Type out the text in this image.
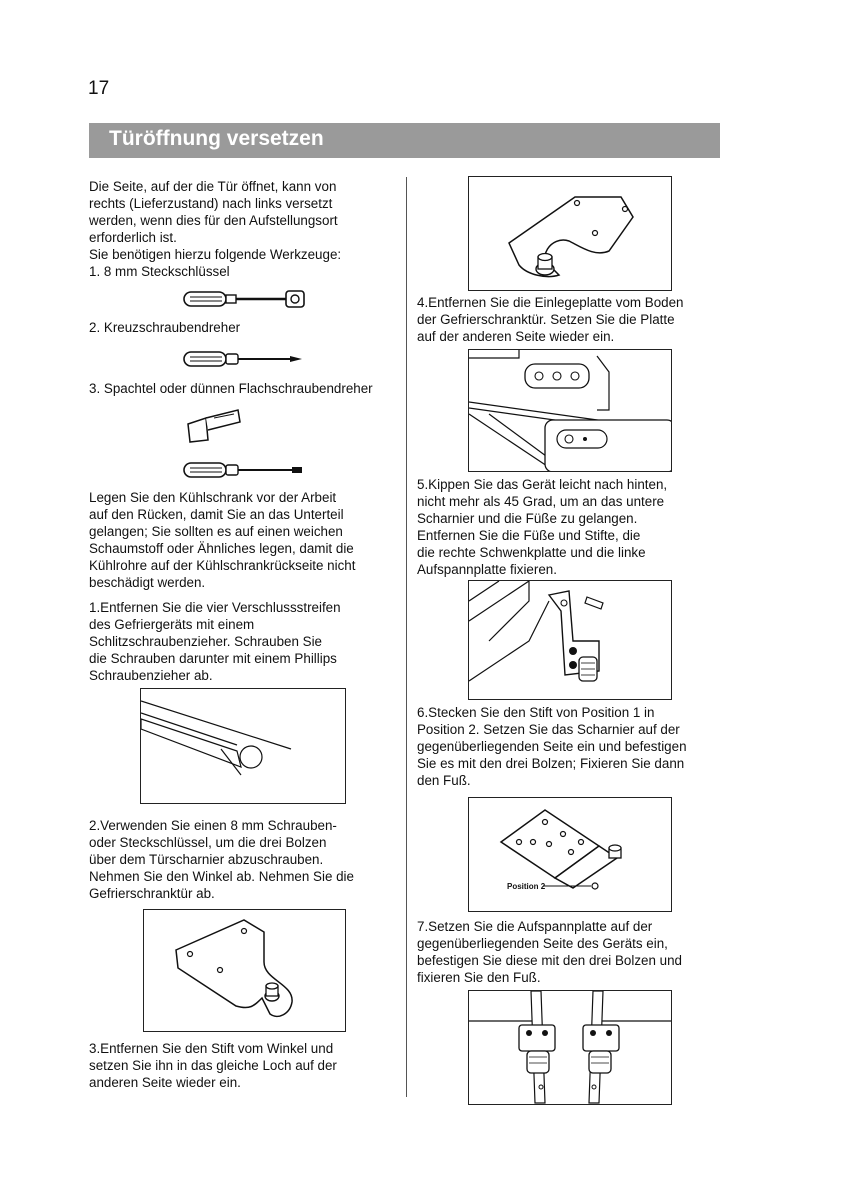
17
Türöffnung versetzen
Die Seite, auf der die Tür öffnet, kann von
rechts (Lieferzustand) nach links versetzt
werden, wenn dies für den Aufstellungsort
erforderlich ist.
Sie benötigen hierzu folgende Werkzeuge:
1. 8 mm Steckschlüssel
2. Kreuzschraubendreher
3. Spachtel oder dünnen Flachschraubendreher
Legen Sie den Kühlschrank vor der Arbeit
auf den Rücken, damit Sie an das Unterteil
gelangen; Sie sollten es auf einen weichen
Schaumstoff oder Ähnliches legen, damit die
Kühlrohre auf der Kühlschrankrückseite nicht
beschädigt werden.
1.Entfernen Sie die vier Verschlussstreifen
des Gefriergeräts mit einem
Schlitzschraubenzieher. Schrauben Sie
die Schrauben darunter mit einem Phillips
Schraubenzieher ab.
2.Verwenden Sie einen 8 mm Schrauben-
oder Steckschlüssel, um die drei Bolzen
über dem Türscharnier abzuschrauben.
Nehmen Sie den Winkel ab. Nehmen Sie die
Gefrierschranktür ab.
3.Entfernen Sie den Stift vom Winkel und
setzen Sie ihn in das gleiche Loch auf der
anderen Seite wieder ein.
4.Entfernen Sie die Einlegeplatte vom Boden
der Gefrierschranktür. Setzen Sie die Platte
auf der anderen Seite wieder ein.
5.Kippen Sie das Gerät leicht nach hinten,
nicht mehr als 45 Grad, um an das untere
Scharnier und die Füße zu gelangen.
Entfernen Sie die Füße und Stifte, die
die rechte Schwenkplatte und die linke
Aufspannplatte fixieren.
6.Stecken Sie den Stift von Position 1 in
Position 2. Setzen Sie das Scharnier auf der
gegenüberliegenden Seite ein und befestigen
Sie es mit den drei Bolzen; Fixieren Sie dann
den Fuß.
Position 2
7.Setzen Sie die Aufspannplatte auf der
gegenüberliegenden Seite des Geräts ein,
befestigen Sie diese mit den drei Bolzen und
fixieren Sie den Fuß.
